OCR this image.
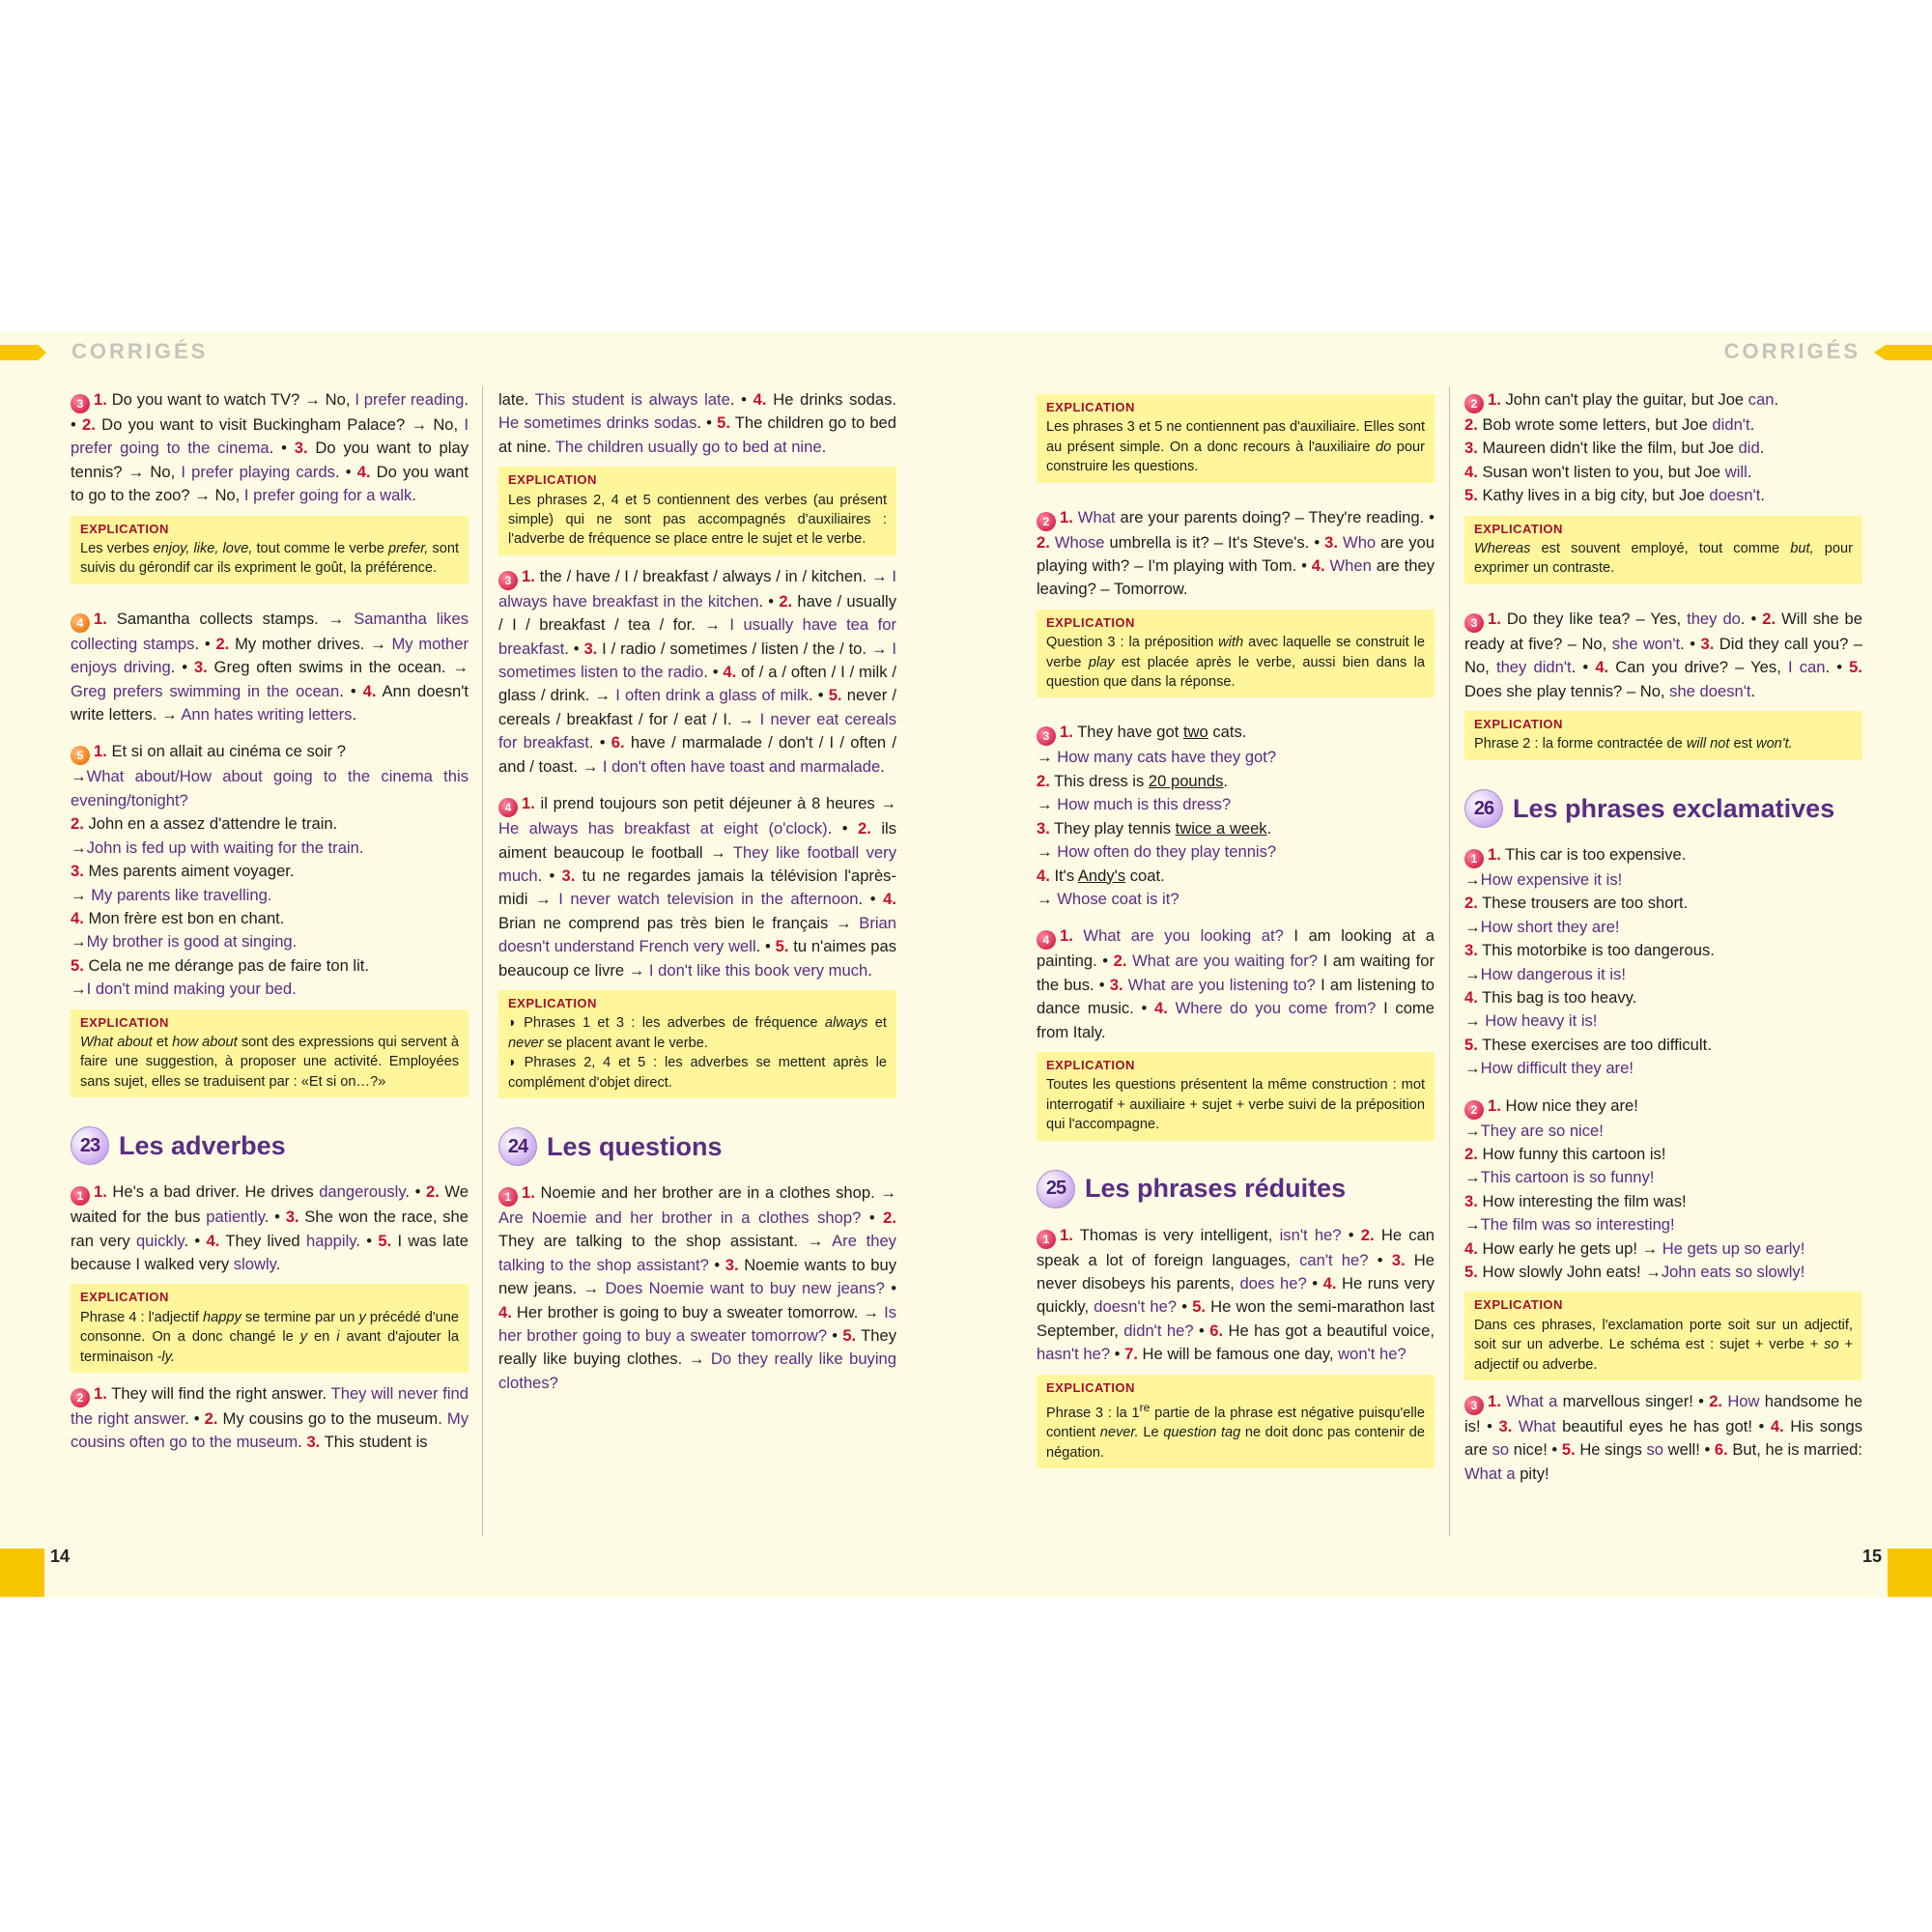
CORRIGÉS	CORRIGÉS
3 1. Do you want to watch TV? → No, I prefer reading. • 2. Do you want to visit Buckingham Palace? → No, I prefer going to the cinema. • 3. Do you want to play tennis? → No, I prefer playing cards. • 4. Do you want to go to the zoo? → No, I prefer going for a walk.
EXPLICATION
Les verbes enjoy, like, love, tout comme le verbe prefer, sont suivis du gérondif car ils expriment le goût, la préférence.
4 1. Samantha collects stamps. → Samantha likes collecting stamps. • 2. My mother drives. → My mother enjoys driving. • 3. Greg often swims in the ocean. → Greg prefers swimming in the ocean. • 4. Ann doesn't write letters. → Ann hates writing letters.
5 1. Et si on allait au cinéma ce soir ?
→What about/How about going to the cinema this evening/tonight?
2. John en a assez d'attendre le train.
→John is fed up with waiting for the train.
3. Mes parents aiment voyager.
→ My parents like travelling.
4. Mon frère est bon en chant.
→My brother is good at singing.
5. Cela ne me dérange pas de faire ton lit.
→I don't mind making your bed.
EXPLICATION
What about et how about sont des expressions qui servent à faire une suggestion, à proposer une activité. Employées sans sujet, elles se traduisent par : «Et si on…?»
23 Les adverbes
1 1. He's a bad driver. He drives dangerously. • 2. We waited for the bus patiently. • 3. She won the race, she ran very quickly. • 4. They lived happily. • 5. I was late because I walked very slowly.
EXPLICATION
Phrase 4 : l'adjectif happy se termine par un y précédé d'une consonne. On a donc changé le y en i avant d'ajouter la terminaison -ly.
2 1. They will find the right answer. They will never find the right answer. • 2. My cousins go to the museum. My cousins often go to the museum. 3. This student is
late. This student is always late. • 4. He drinks sodas. He sometimes drinks sodas. • 5. The children go to bed at nine. The children usually go to bed at nine.
EXPLICATION
Les phrases 2, 4 et 5 contiennent des verbes (au présent simple) qui ne sont pas accompagnés d'auxiliaires : l'adverbe de fréquence se place entre le sujet et le verbe.
3 1. the / have / I / breakfast / always / in / kitchen. → I always have breakfast in the kitchen. • 2. have / usually / I / breakfast / tea / for. → I usually have tea for breakfast. • 3. I / radio / sometimes / listen / the / to. → I sometimes listen to the radio. • 4. of / a / often / I / milk / glass / drink. → I often drink a glass of milk. • 5. never / cereals / breakfast / for / eat / I. → I never eat cereals for breakfast. • 6. have / marmalade / don't / I / often / and / toast. → I don't often have toast and marmalade.
4 1. il prend toujours son petit déjeuner à 8 heures → He always has breakfast at eight (o'clock). • 2. ils aiment beaucoup le football → They like football very much. • 3. tu ne regardes jamais la télévision l'après-midi → I never watch television in the afternoon. • 4. Brian ne comprend pas très bien le français → Brian doesn't understand French very well. • 5. tu n'aimes pas beaucoup ce livre → I don't like this book very much.
EXPLICATION
◗ Phrases 1 et 3 : les adverbes de fréquence always et never se placent avant le verbe.
◗ Phrases 2, 4 et 5 : les adverbes se mettent après le complément d'objet direct.
24 Les questions
1 1. Noemie and her brother are in a clothes shop. → Are Noemie and her brother in a clothes shop? • 2. They are talking to the shop assistant. → Are they talking to the shop assistant? • 3. Noemie wants to buy new jeans. → Does Noemie want to buy new jeans? • 4. Her brother is going to buy a sweater tomorrow. → Is her brother going to buy a sweater tomorrow? • 5. They really like buying clothes. → Do they really like buying clothes?
EXPLICATION
Les phrases 3 et 5 ne contiennent pas d'auxiliaire. Elles sont au présent simple. On a donc recours à l'auxiliaire do pour construire les questions.
2 1. What are your parents doing? – They're reading. • 2. Whose umbrella is it? – It's Steve's. • 3. Who are you playing with? – I'm playing with Tom. • 4. When are they leaving? – Tomorrow.
EXPLICATION
Question 3 : la préposition with avec laquelle se construit le verbe play est placée après le verbe, aussi bien dans la question que dans la réponse.
3 1. They have got two cats.
→ How many cats have they got?
2. This dress is 20 pounds.
→ How much is this dress?
3. They play tennis twice a week.
→ How often do they play tennis?
4. It's Andy's coat.
→ Whose coat is it?
4 1. What are you looking at? I am looking at a painting. • 2. What are you waiting for? I am waiting for the bus. • 3. What are you listening to? I am listening to dance music. • 4. Where do you come from? I come from Italy.
EXPLICATION
Toutes les questions présentent la même construction : mot interrogatif + auxiliaire + sujet + verbe suivi de la préposition qui l'accompagne.
25 Les phrases réduites
1 1. Thomas is very intelligent, isn't he? • 2. He can speak a lot of foreign languages, can't he? • 3. He never disobeys his parents, does he? • 4. He runs very quickly, doesn't he? • 5. He won the semi-marathon last September, didn't he? • 6. He has got a beautiful voice, hasn't he? • 7. He will be famous one day, won't he?
EXPLICATION
Phrase 3 : la 1re partie de la phrase est négative puisqu'elle contient never. Le question tag ne doit donc pas contenir de négation.
2 1. John can't play the guitar, but Joe can.
2. Bob wrote some letters, but Joe didn't.
3. Maureen didn't like the film, but Joe did.
4. Susan won't listen to you, but Joe will.
5. Kathy lives in a big city, but Joe doesn't.
EXPLICATION
Whereas est souvent employé, tout comme but, pour exprimer un contraste.
3 1. Do they like tea? – Yes, they do. • 2. Will she be ready at five? – No, she won't. • 3. Did they call you? – No, they didn't. • 4. Can you drive? – Yes, I can. • 5. Does she play tennis? – No, she doesn't.
EXPLICATION
Phrase 2 : la forme contractée de will not est won't.
26 Les phrases exclamatives
1 1. This car is too expensive.
→How expensive it is!
2. These trousers are too short.
→How short they are!
3. This motorbike is too dangerous.
→How dangerous it is!
4. This bag is too heavy.
→ How heavy it is!
5. These exercises are too difficult.
→How difficult they are!
2 1. How nice they are!
→They are so nice!
2. How funny this cartoon is!
→This cartoon is so funny!
3. How interesting the film was!
→The film was so interesting!
4. How early he gets up! → He gets up so early!
5. How slowly John eats! →John eats so slowly!
EXPLICATION
Dans ces phrases, l'exclamation porte soit sur un adjectif, soit sur un adverbe. Le schéma est : sujet + verbe + so + adjectif ou adverbe.
3 1. What a marvellous singer! • 2. How handsome he is! • 3. What beautiful eyes he has got! • 4. His songs are so nice! • 5. He sings so well! • 6. But, he is married: What a pity!
14	15
